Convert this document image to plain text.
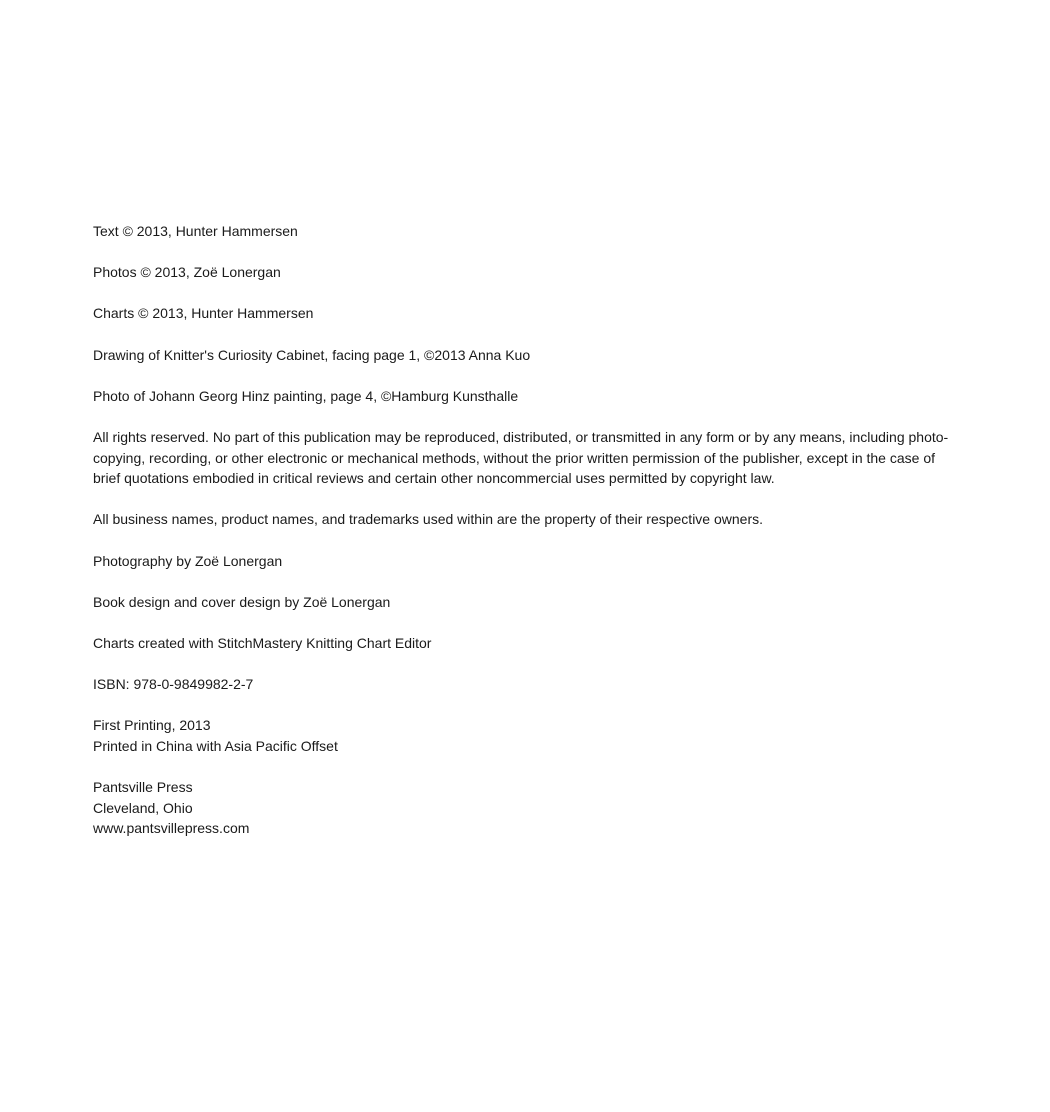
Text © 2013, Hunter Hammersen

Photos © 2013, Zoë Lonergan

Charts © 2013, Hunter Hammersen

Drawing of Knitter's Curiosity Cabinet, facing page 1, ©2013 Anna Kuo

Photo of Johann Georg Hinz painting, page 4, ©Hamburg Kunsthalle

All rights reserved. No part of this publication may be reproduced, distributed, or transmitted in any form or by any means, including photo-
copying, recording, or other electronic or mechanical methods, without the prior written permission of the publisher, except in the case of
brief quotations embodied in critical reviews and certain other noncommercial uses permitted by copyright law.

All business names, product names, and trademarks used within are the property of their respective owners.

Photography by Zoë Lonergan

Book design and cover design by Zoë Lonergan

Charts created with StitchMastery Knitting Chart Editor

ISBN: 978-0-9849982-2-7

First Printing, 2013
Printed in China with Asia Pacific Offset

Pantsville Press
Cleveland, Ohio
www.pantsvillepress.com
